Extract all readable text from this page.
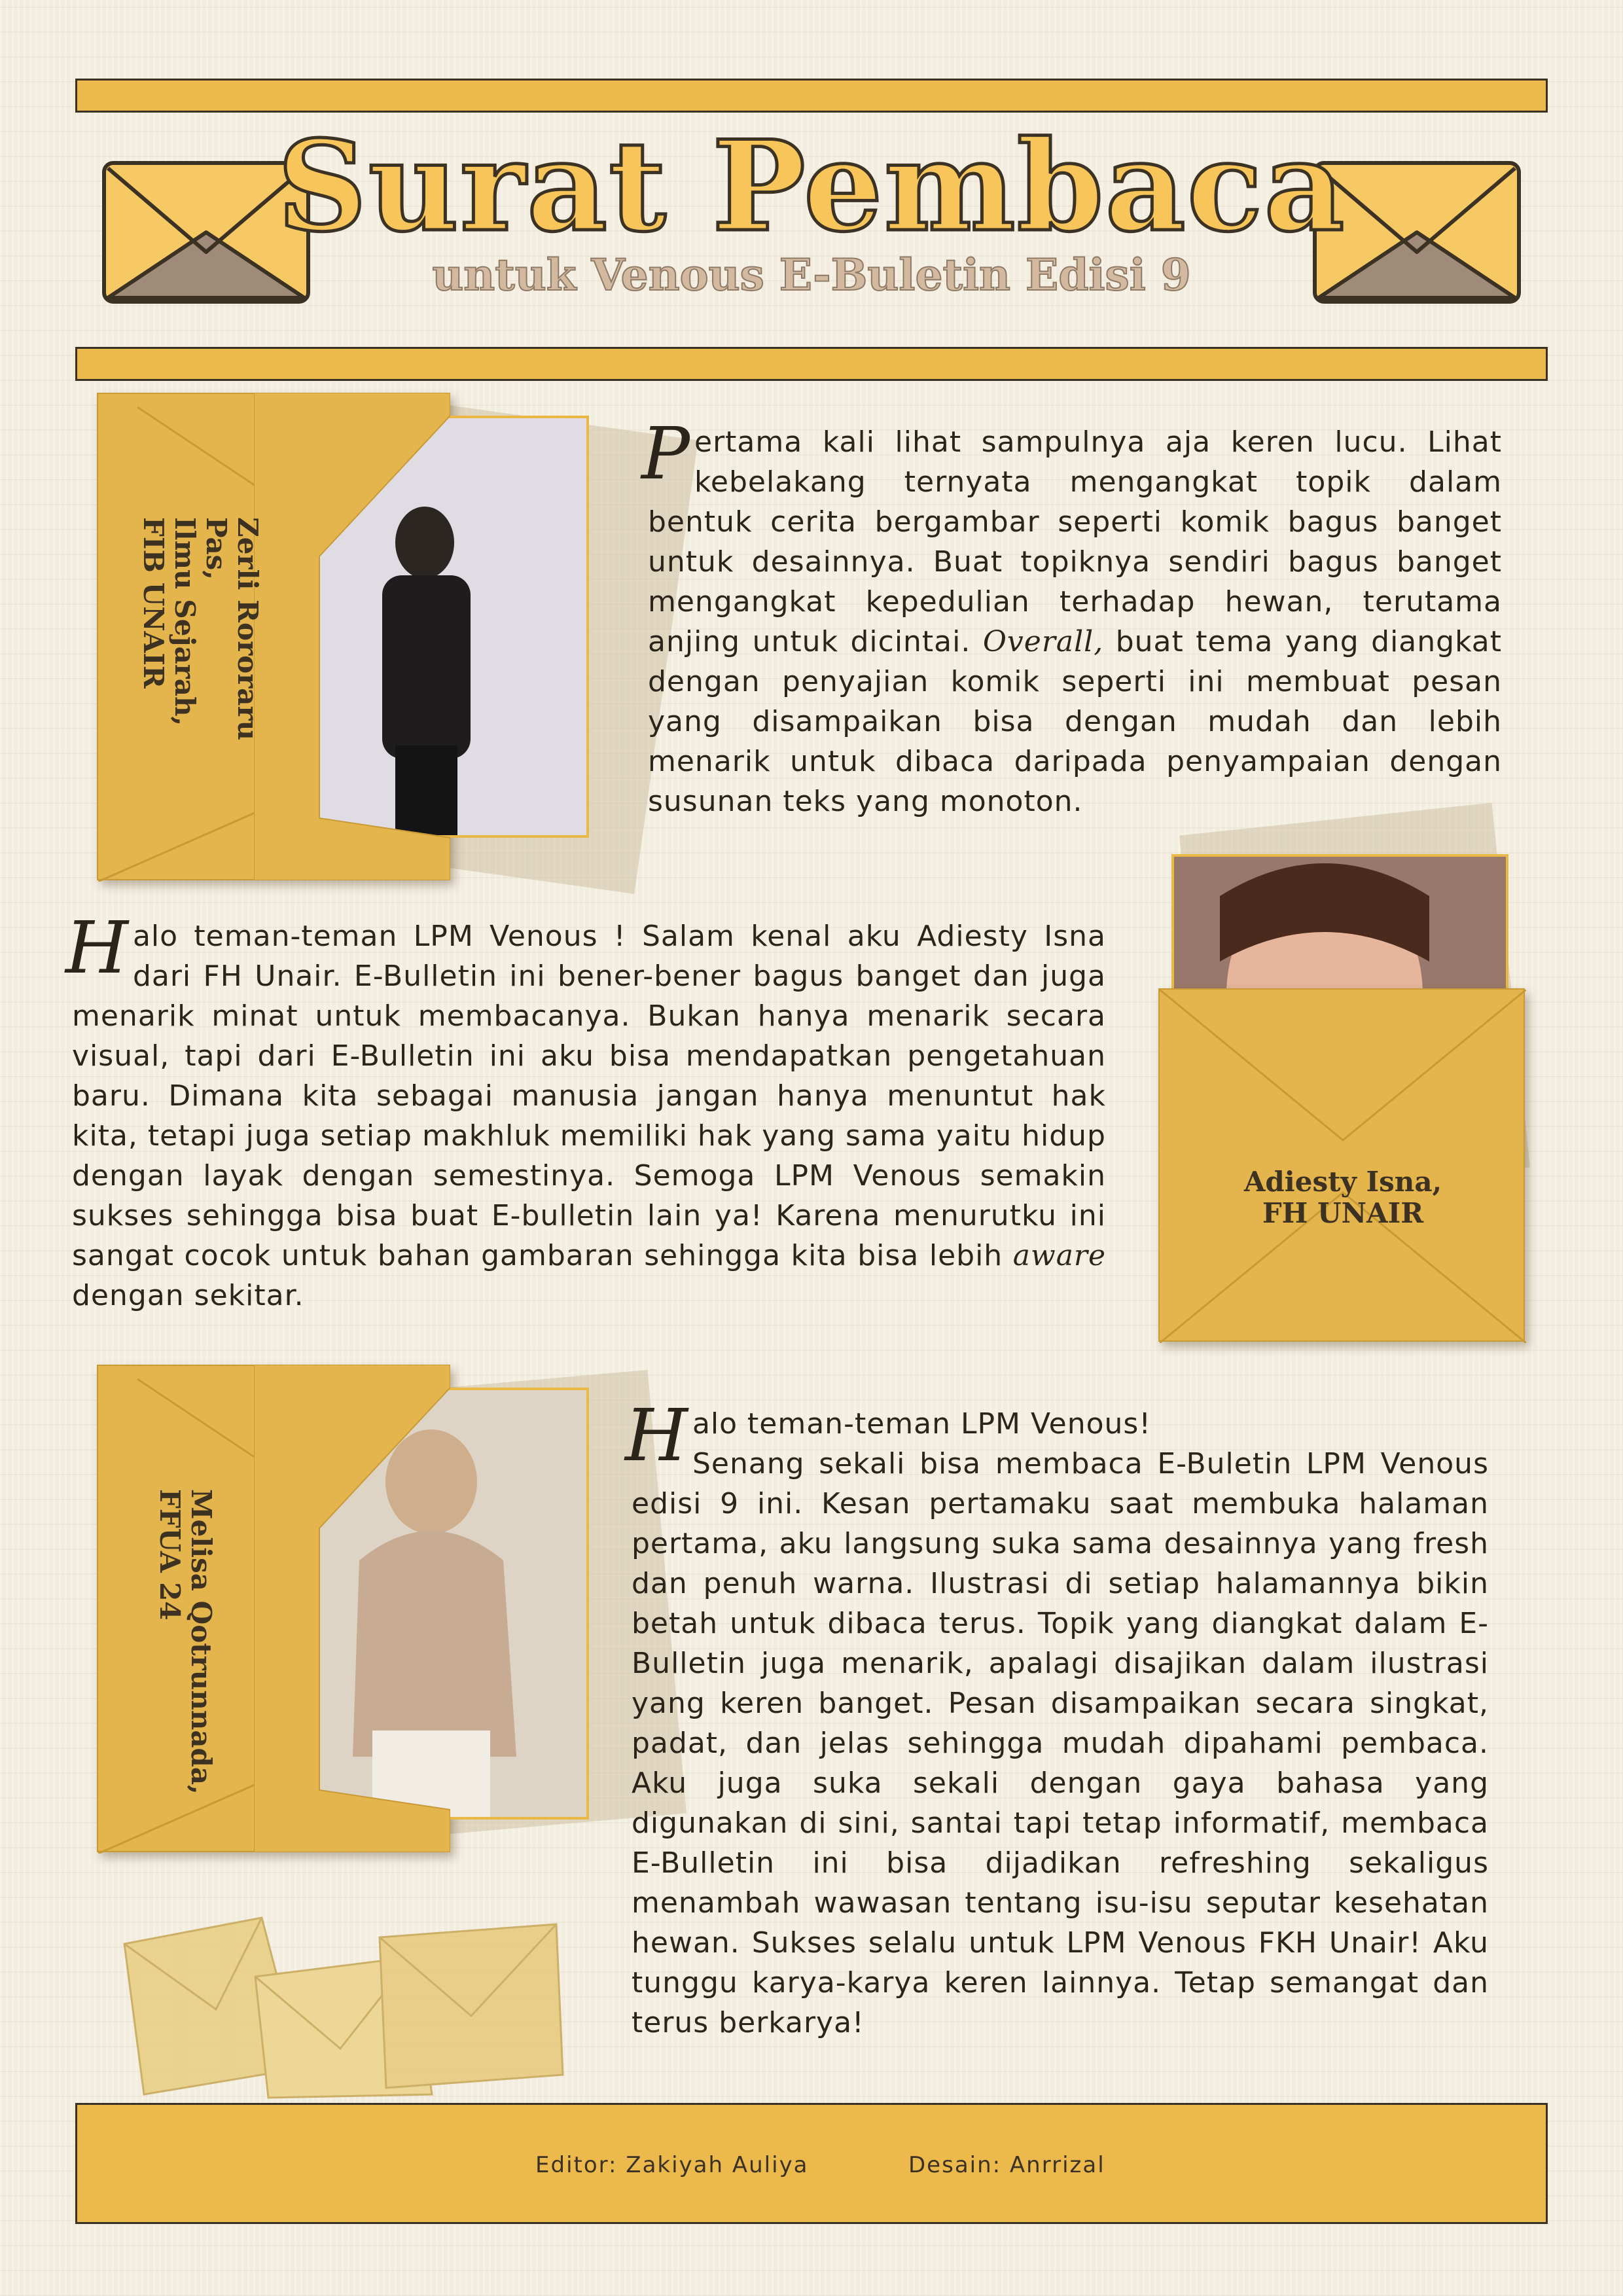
Surat Pembaca
untuk Venous E-Buletin Edisi 9
Zerli Rororaru Pas,
Ilmu Sejarah,
FIB UNAIR

Pertama kali lihat sampulnya aja keren lucu. Lihat kebelakang ternyata mengangkat topik dalam bentuk cerita bergambar seperti komik bagus banget untuk desainnya. Buat topiknya sendiri bagus banget mengangkat kepedulian terhadap hewan, terutama anjing untuk dicintai. Overall, buat tema yang diangkat dengan penyajian komik seperti ini membuat pesan yang disampaikan bisa dengan mudah dan lebih menarik untuk dibaca daripada penyampaian dengan susunan teks yang monoton.

Halo teman-teman LPM Venous ! Salam kenal aku Adiesty Isna dari FH Unair. E-Bulletin ini bener-bener bagus banget dan juga menarik minat untuk membacanya. Bukan hanya menarik secara visual, tapi dari E-Bulletin ini aku bisa mendapatkan pengetahuan baru. Dimana kita sebagai manusia jangan hanya menuntut hak kita, tetapi juga setiap makhluk memiliki hak yang sama yaitu hidup dengan layak dengan semestinya. Semoga LPM Venous semakin sukses sehingga bisa buat E-bulletin lain ya! Karena menurutku ini sangat cocok untuk bahan gambaran sehingga kita bisa lebih aware dengan sekitar.

Adiesty Isna,
FH UNAIR
Melisa Qotrunnada,
FFUA 24

Halo teman-teman LPM Venous!
Senang sekali bisa membaca E-Buletin LPM Venous edisi 9 ini. Kesan pertamaku saat membuka halaman pertama, aku langsung suka sama desainnya yang fresh dan penuh warna. Ilustrasi di setiap halamannya bikin betah untuk dibaca terus. Topik yang diangkat dalam E-Bulletin juga menarik, apalagi disajikan dalam ilustrasi yang keren banget. Pesan disampaikan secara singkat, padat, dan jelas sehingga mudah dipahami pembaca. Aku juga suka sekali dengan gaya bahasa yang digunakan di sini, santai tapi tetap informatif, membaca E-Bulletin ini bisa dijadikan refreshing sekaligus menambah wawasan tentang isu-isu seputar kesehatan hewan. Sukses selalu untuk LPM Venous FKH Unair! Aku tunggu karya-karya keren lainnya. Tetap semangat dan terus berkarya!

Editor: Zakiyah Auliya	Desain: Anrrizal
